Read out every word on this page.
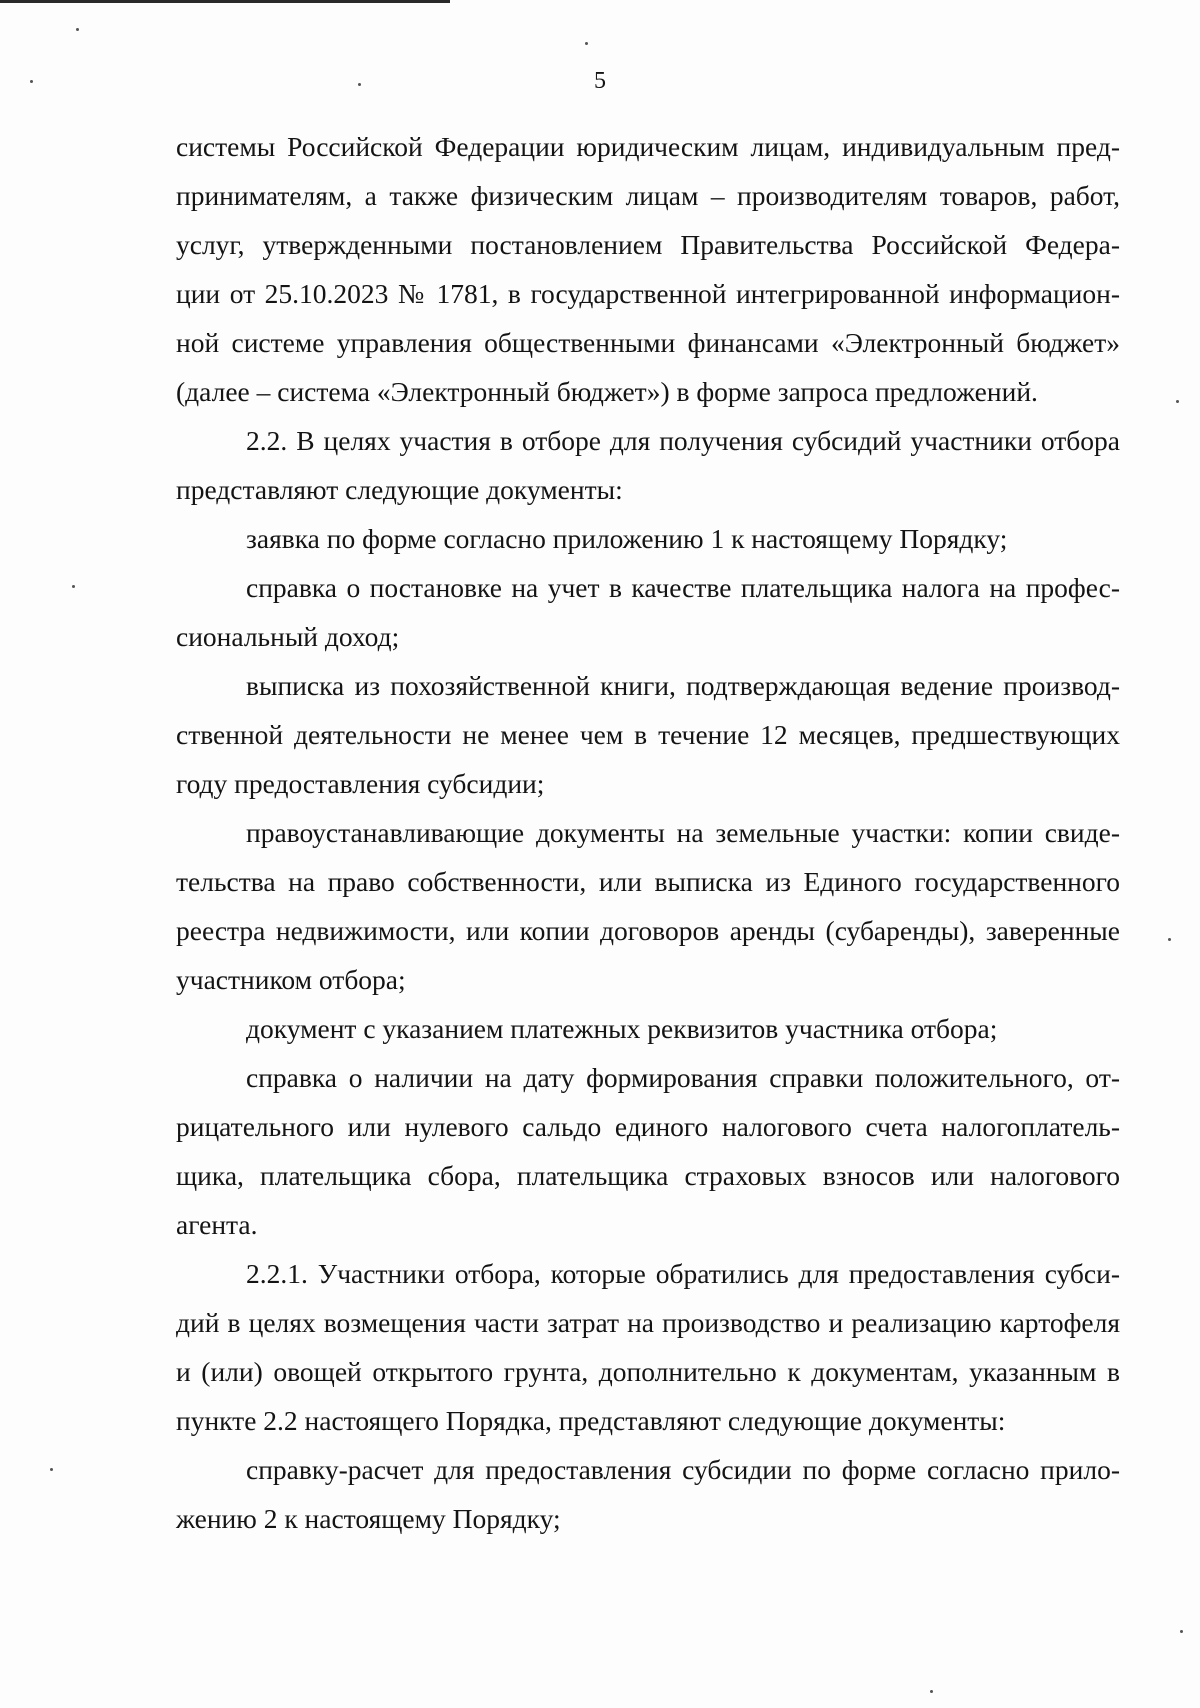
5
системы Российской Федерации юридическим лицам, индивидуальным пред-
принимателям, а также физическим лицам – производителям товаров, работ,
услуг, утвержденными постановлением Правительства Российской Федера-
ции от 25.10.2023 № 1781, в государственной интегрированной информацион-
ной системе управления общественными финансами «Электронный бюджет»
(далее – система «Электронный бюджет») в форме запроса предложений.
2.2. В целях участия в отборе для получения субсидий участники отбора
представляют следующие документы:
заявка по форме согласно приложению 1 к настоящему Порядку;
справка о постановке на учет в качестве плательщика налога на профес-
сиональный доход;
выписка из похозяйственной книги, подтверждающая ведение производ-
ственной деятельности не менее чем в течение 12 месяцев, предшествующих
году предоставления субсидии;
правоустанавливающие документы на земельные участки: копии свиде-
тельства на право собственности, или выписка из Единого государственного
реестра недвижимости, или копии договоров аренды (субаренды), заверенные
участником отбора;
документ с указанием платежных реквизитов участника отбора;
справка о наличии на дату формирования справки положительного, от-
рицательного или нулевого сальдо единого налогового счета налогоплатель-
щика, плательщика сбора, плательщика страховых взносов или налогового
агента.
2.2.1. Участники отбора, которые обратились для предоставления субси-
дий в целях возмещения части затрат на производство и реализацию картофеля
и (или) овощей открытого грунта, дополнительно к документам, указанным в
пункте 2.2 настоящего Порядка, представляют следующие документы:
справку-расчет для предоставления субсидии по форме согласно прило-
жению 2 к настоящему Порядку;
